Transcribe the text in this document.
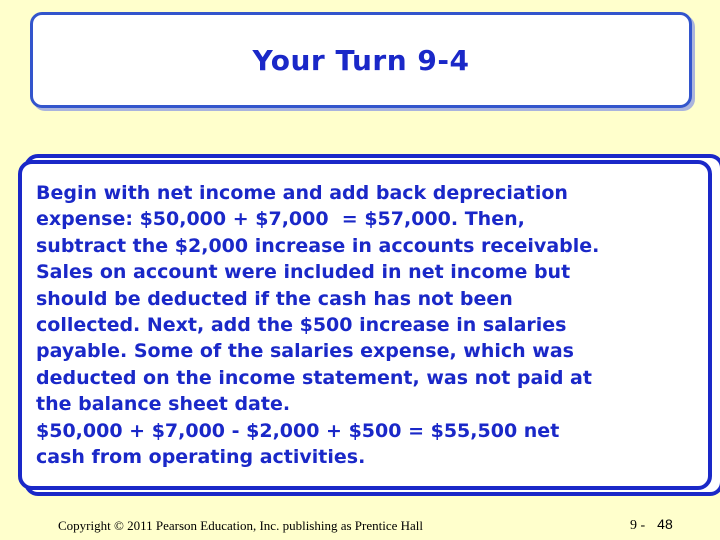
Your Turn 9-4

Begin with net income and add back depreciation

expense: $50,000 + $7,000  = $57,000. Then,

subtract the $2,000 increase in accounts receivable.

Sales on account were included in net income but

should be deducted if the cash has not been

collected. Next, add the $500 increase in salaries

payable. Some of the salaries expense, which was

deducted on the income statement, was not paid at

the balance sheet date.

$50,000 + $7,000 - $2,000 + $500 = $55,500 net

cash from operating activities.

Copyright © 2011 Pearson Education, Inc. publishing as Prentice Hall	9 - 48
